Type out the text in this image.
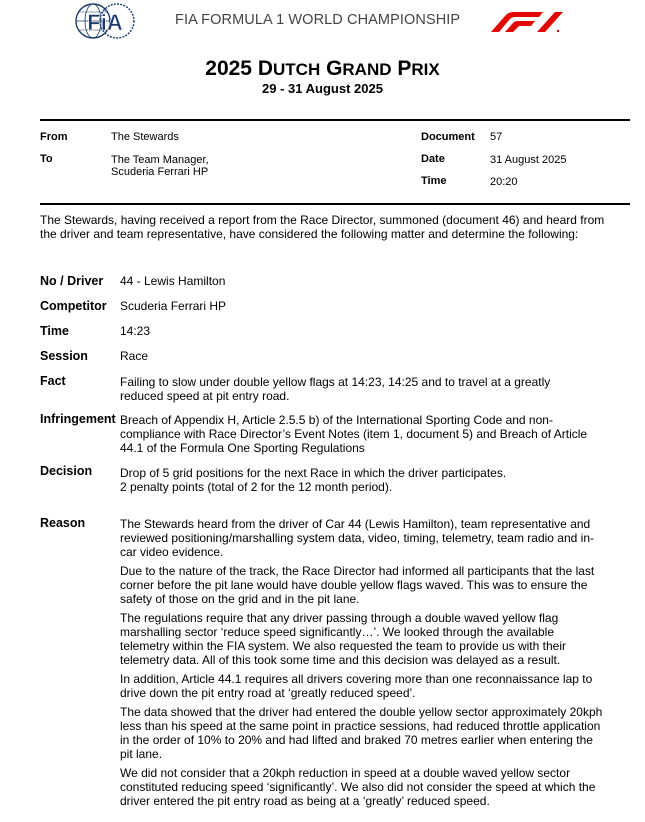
FiA	FIA FORMULA 1 WORLD CHAMPIONSHIP
2025 DUTCH GRAND PRIX
29 - 31 August 2025
From	The Stewards
To	The Team Manager,
Scuderia Ferrari HP
Document 57
Date	31 August 2025
Time	20:20
The Stewards, having received a report from the Race Director, summoned (document 46) and heard from the driver and team representative, have considered the following matter and determine the following:
No / Driver 44 - Lewis Hamilton
Competitor Scuderia Ferrari HP
Time	14:23
Session	Race
Fact	Failing to slow under double yellow flags at 14:23, 14:25 and to travel at a greatly reduced speed at pit entry road.
Infringement Breach of Appendix H, Article 2.5.5 b) of the International Sporting Code and non-compliance with Race Director’s Event Notes (item 1, document 5) and Breach of Article 44.1 of the Formula One Sporting Regulations
Decision Drop of 5 grid positions for the next Race in which the driver participates.
2 penalty points (total of 2 for the 12 month period).
Reason	The Stewards heard from the driver of Car 44 (Lewis Hamilton), team representative and reviewed positioning/marshalling system data, video, timing, telemetry, team radio and in-car video evidence.

Due to the nature of the track, the Race Director had informed all participants that the last corner before the pit lane would have double yellow flags waved. This was to ensure the safety of those on the grid and in the pit lane.

The regulations require that any driver passing through a double waved yellow flag marshalling sector ‘reduce speed significantly…’. We looked through the available telemetry within the FIA system. We also requested the team to provide us with their telemetry data. All of this took some time and this decision was delayed as a result.

In addition, Article 44.1 requires all drivers covering more than one reconnaissance lap to drive down the pit entry road at ‘greatly reduced speed’.

The data showed that the driver had entered the double yellow sector approximately 20kph less than his speed at the same point in practice sessions, had reduced throttle application in the order of 10% to 20% and had lifted and braked 70 metres earlier when entering the pit lane.

We did not consider that a 20kph reduction in speed at a double waved yellow sector constituted reducing speed ‘significantly’. We also did not consider the speed at which the driver entered the pit entry road as being at a ‘greatly’ reduced speed.
